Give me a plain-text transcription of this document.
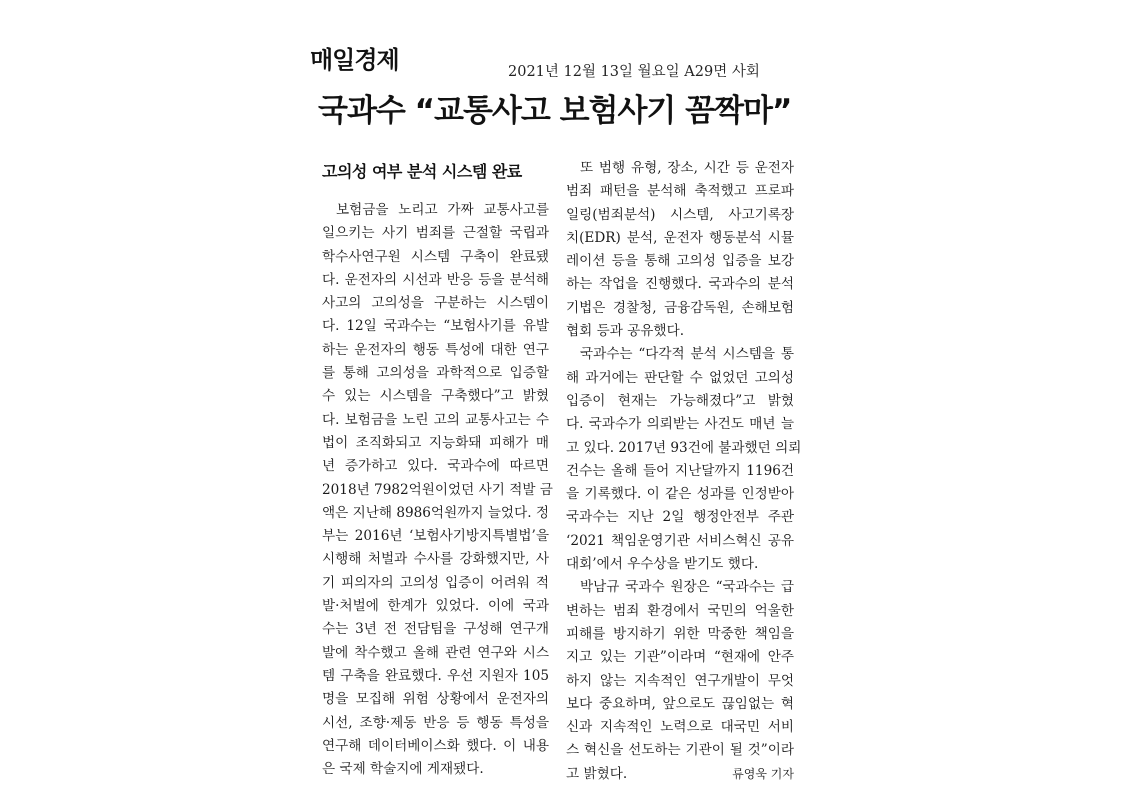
매일경제	2021년 12월 13일 월요일 A29면 사회
국과수 “교통사고 보험사기 꼼짝마”
고의성 여부 분석 시스템 완료
보험금을 노리고 가짜 교통사고를
일으키는 사기 범죄를 근절할 국립과
학수사연구원 시스템 구축이 완료됐
다. 운전자의 시선과 반응 등을 분석해
사고의 고의성을 구분하는 시스템이
다. 12일 국과수는 “보험사기를 유발
하는 운전자의 행동 특성에 대한 연구
를 통해 고의성을 과학적으로 입증할
수 있는 시스템을 구축했다”고 밝혔
다. 보험금을 노린 고의 교통사고는 수
법이 조직화되고 지능화돼 피해가 매
년 증가하고 있다. 국과수에 따르면
2018년 7982억원이었던 사기 적발 금
액은 지난해 8986억원까지 늘었다. 정
부는 2016년 ‘보험사기방지특별법’을
시행해 처벌과 수사를 강화했지만, 사
기 피의자의 고의성 입증이 어려워 적
발·처벌에 한계가 있었다. 이에 국과
수는 3년 전 전담팀을 구성해 연구개
발에 착수했고 올해 관련 연구와 시스
템 구축을 완료했다. 우선 지원자 105
명을 모집해 위험 상황에서 운전자의
시선, 조향·제동 반응 등 행동 특성을
연구해 데이터베이스화 했다. 이 내용
은 국제 학술지에 게재됐다.
또 범행 유형, 장소, 시간 등 운전자
범죄 패턴을 분석해 축적했고 프로파
일링(범죄분석) 시스템, 사고기록장
치(EDR) 분석, 운전자 행동분석 시뮬
레이션 등을 통해 고의성 입증을 보강
하는 작업을 진행했다. 국과수의 분석
기법은 경찰청, 금융감독원, 손해보험
협회 등과 공유했다.
국과수는 “다각적 분석 시스템을 통
해 과거에는 판단할 수 없었던 고의성
입증이 현재는 가능해졌다”고 밝혔
다. 국과수가 의뢰받는 사건도 매년 늘
고 있다. 2017년 93건에 불과했던 의뢰
건수는 올해 들어 지난달까지 1196건
을 기록했다. 이 같은 성과를 인정받아
국과수는 지난 2일 행정안전부 주관
‘2021 책임운영기관 서비스혁신 공유
대회’에서 우수상을 받기도 했다.
박남규 국과수 원장은 “국과수는 급
변하는 범죄 환경에서 국민의 억울한
피해를 방지하기 위한 막중한 책임을
지고 있는 기관”이라며 “현재에 안주
하지 않는 지속적인 연구개발이 무엇
보다 중요하며, 앞으로도 끊임없는 혁
신과 지속적인 노력으로 대국민 서비
스 혁신을 선도하는 기관이 될 것”이라
고 밝혔다.	류영욱 기자
